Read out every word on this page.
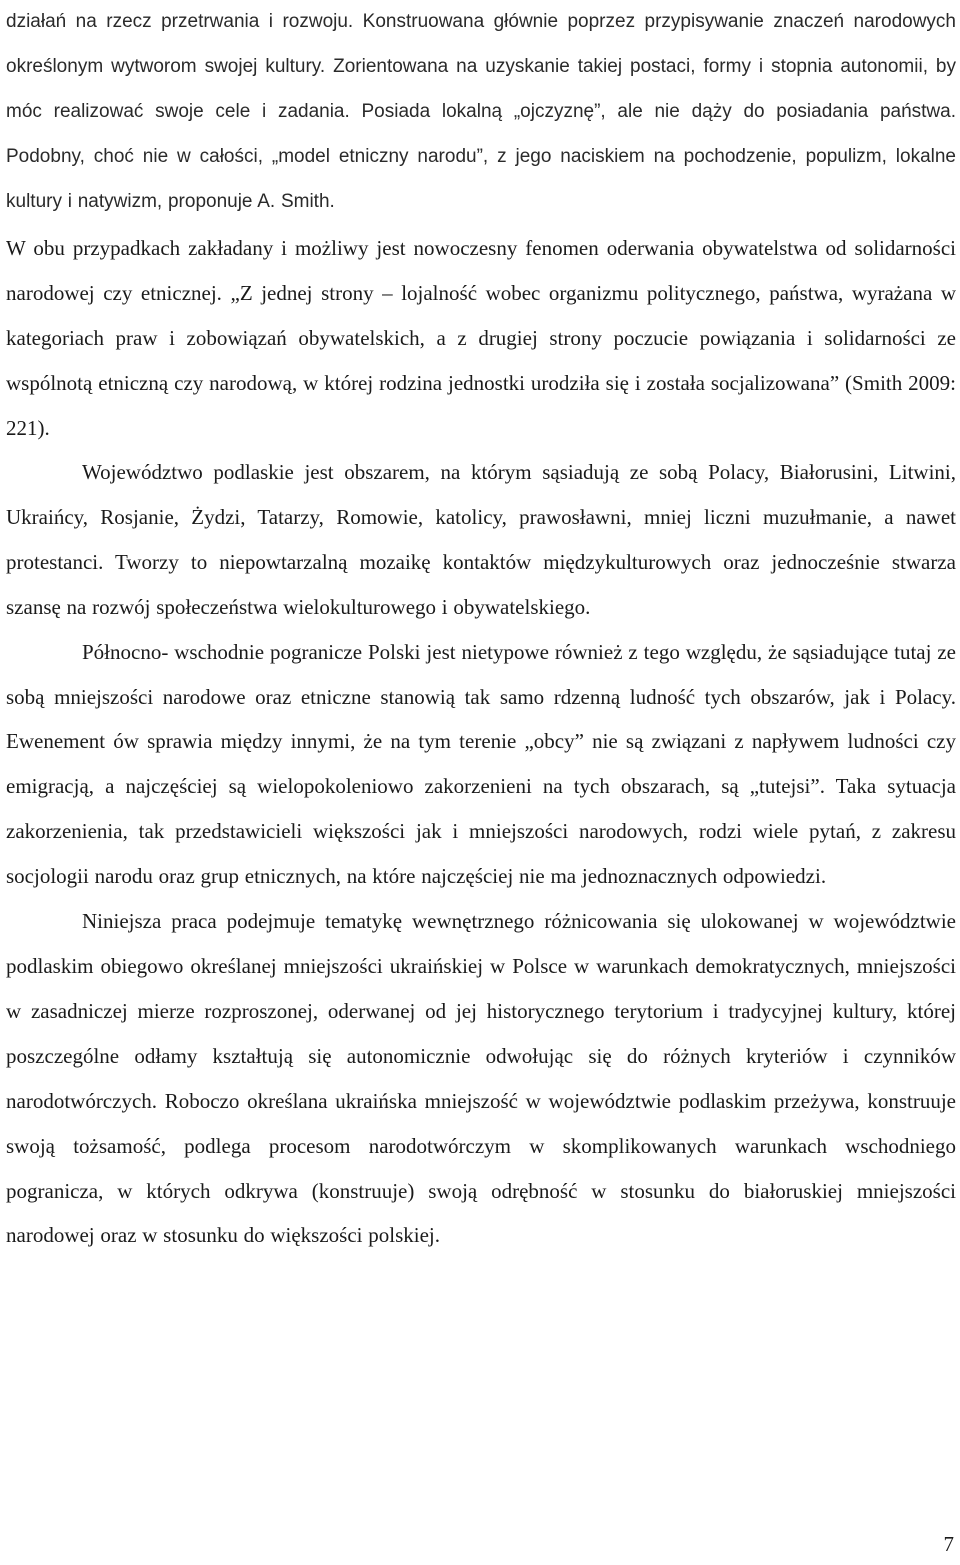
działań na rzecz przetrwania i rozwoju. Konstruowana głównie poprzez przypisywanie znaczeń narodowych określonym wytworom swojej kultury. Zorientowana na uzyskanie takiej postaci, formy i stopnia autonomii, by móc realizować swoje cele i zadania. Posiada lokalną „ojczyznę”, ale nie dąży do posiadania państwa. Podobny, choć nie w całości, „model etniczny narodu”, z jego naciskiem na pochodzenie, populizm, lokalne kultury i natywizm, proponuje A. Smith.

W obu przypadkach zakładany i możliwy jest nowoczesny fenomen oderwania obywatelstwa od solidarności narodowej czy etnicznej. „Z jednej strony – lojalność wobec organizmu politycznego, państwa, wyrażana w kategoriach praw i zobowiązań obywatelskich, a z drugiej strony poczucie powiązania i solidarności ze wspólnotą etniczną czy narodową, w której rodzina jednostki urodziła się i została socjalizowana” (Smith 2009: 221).

Województwo podlaskie jest obszarem, na którym sąsiadują ze sobą Polacy, Białorusini, Litwini, Ukraińcy, Rosjanie, Żydzi, Tatarzy, Romowie, katolicy, prawosławni, mniej liczni muzułmanie, a nawet protestanci. Tworzy to niepowtarzalną mozaikę kontaktów międzykulturowych oraz jednocześnie stwarza szansę na rozwój społeczeństwa wielokulturowego i obywatelskiego.

Północno- wschodnie pogranicze Polski jest nietypowe również z tego względu, że sąsiadujące tutaj ze sobą mniejszości narodowe oraz etniczne stanowią tak samo rdzenną ludność tych obszarów, jak i Polacy. Ewenement ów sprawia między innymi, że na tym terenie „obcy” nie są związani z napływem ludności czy emigracją, a najczęściej są wielopokoleniowo zakorzenieni na tych obszarach, są „tutejsi”. Taka sytuacja zakorzenienia, tak przedstawicieli większości jak i mniejszości narodowych, rodzi wiele pytań, z zakresu socjologii narodu oraz grup etnicznych, na które najczęściej nie ma jednoznacznych odpowiedzi.

Niniejsza praca podejmuje tematykę wewnętrznego różnicowania się ulokowanej w województwie podlaskim obiegowo określanej mniejszości ukraińskiej w Polsce w warunkach demokratycznych, mniejszości w zasadniczej mierze rozproszonej, oderwanej od jej historycznego terytorium i tradycyjnej kultury, której poszczególne odłamy kształtują się autonomicznie odwołując się do różnych kryteriów i czynników narodotwórczych. Roboczo określana ukraińska mniejszość w województwie podlaskim przeżywa, konstruuje swoją tożsamość, podlega procesom narodotwórczym w skomplikowanych warunkach wschodniego pogranicza, w których odkrywa (konstruuje) swoją odrębność w stosunku do białoruskiej mniejszości narodowej oraz w stosunku do większości polskiej.

7
